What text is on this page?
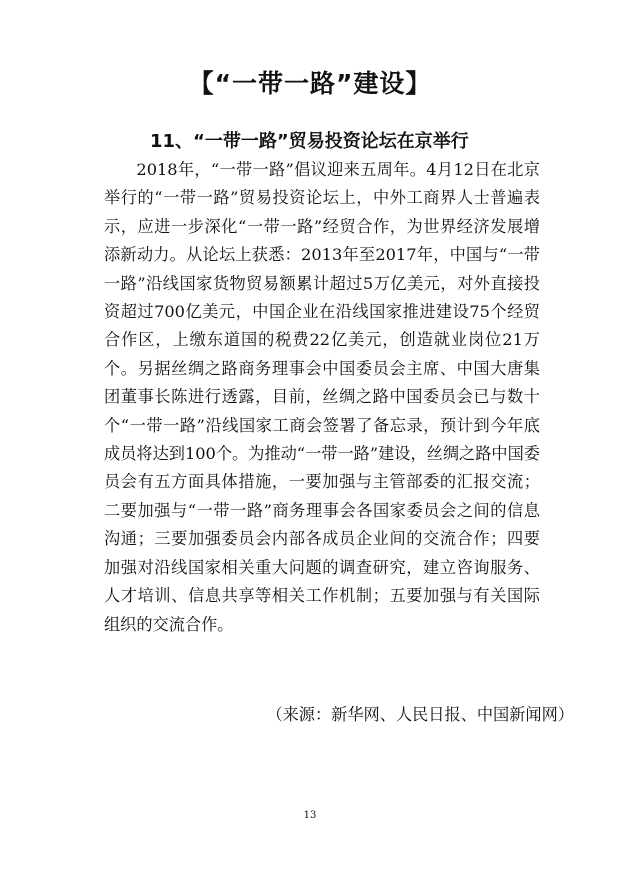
【“一带一路”建设】
11、“一带一路”贸易投资论坛在京举行

2018年，“一带一路”倡议迎来五周年。4月12日在北京举行的“一带一路”贸易投资论坛上，中外工商界人士普遍表示，应进一步深化“一带一路”经贸合作，为世界经济发展增添新动力。从论坛上获悉：2013年至2017年，中国与“一带一路”沿线国家货物贸易额累计超过5万亿美元，对外直接投资超过700亿美元，中国企业在沿线国家推进建设75个经贸合作区，上缴东道国的税费22亿美元，创造就业岗位21万个。另据丝绸之路商务理事会中国委员会主席、中国大唐集团董事长陈进行透露，目前，丝绸之路中国委员会已与数十个“一带一路”沿线国家工商会签署了备忘录，预计到今年底成员将达到100个。为推动“一带一路”建设，丝绸之路中国委员会有五方面具体措施，一要加强与主管部委的汇报交流；二要加强与“一带一路”商务理事会各国家委员会之间的信息沟通；三要加强委员会内部各成员企业间的交流合作；四要加强对沿线国家相关重大问题的调查研究，建立咨询服务、人才培训、信息共享等相关工作机制；五要加强与有关国际组织的交流合作。

（来源：新华网、人民日报、中国新闻网）
13
